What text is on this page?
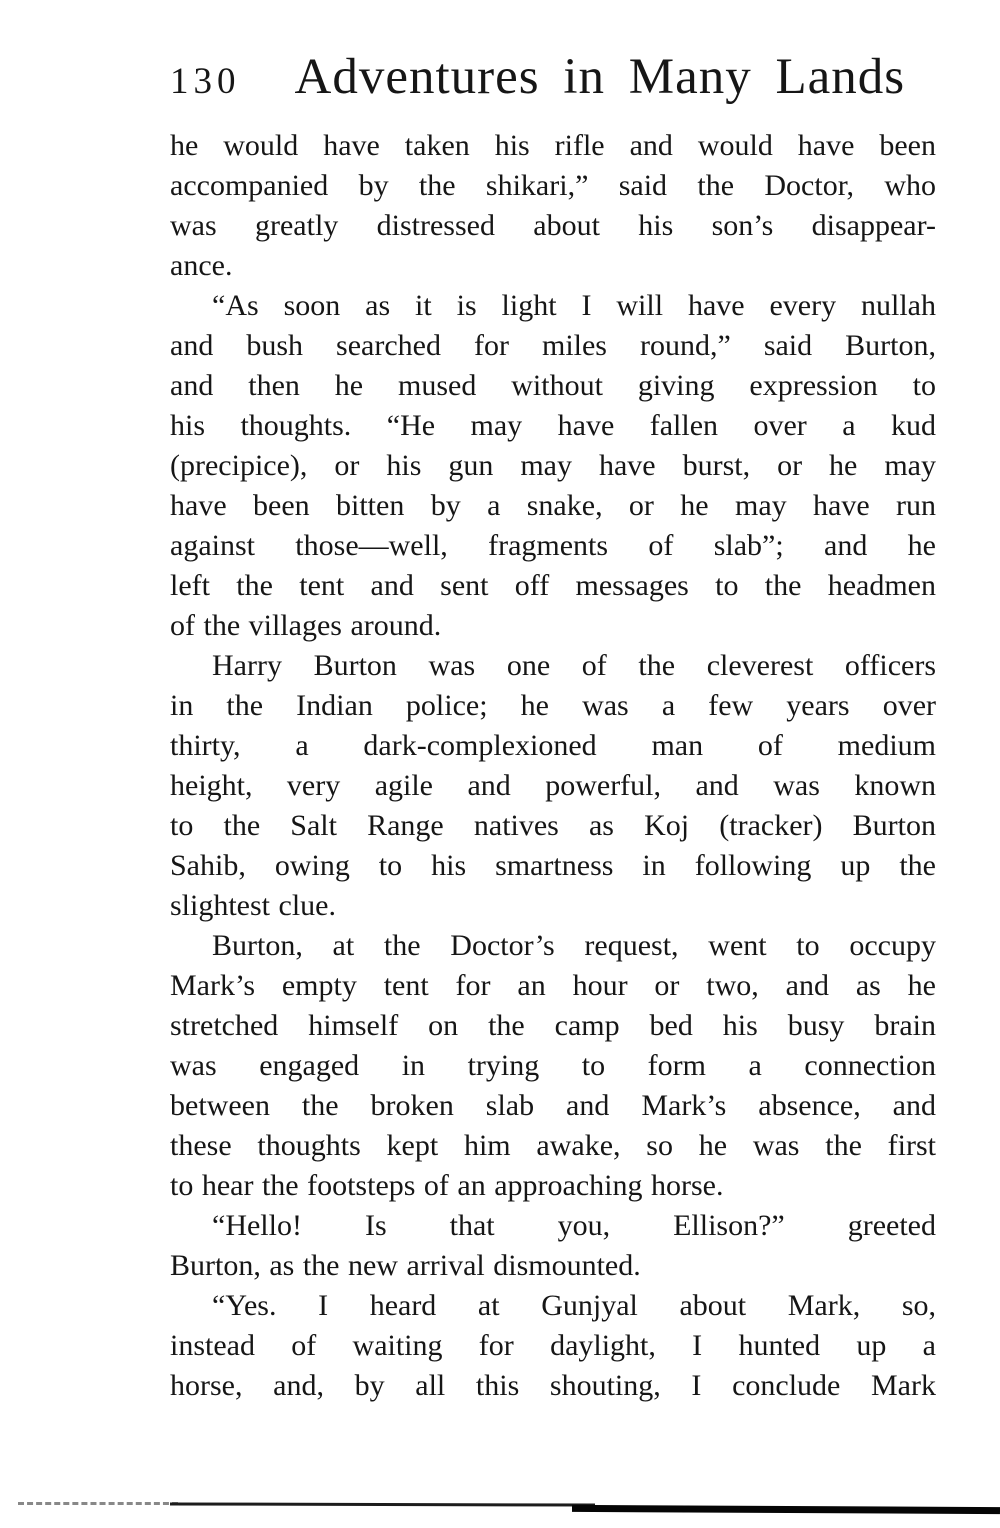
130 Adventures in Many Lands
he would have taken his rifle and would have been
accompanied by the shikari,” said the Doctor, who
was greatly distressed about his son’s disappear-
ance.
“As soon as it is light I will have every nullah
and bush searched for miles round,” said Burton,
and then he mused without giving expression to
his thoughts. “He may have fallen over a kud
(precipice), or his gun may have burst, or he may
have been bitten by a snake, or he may have run
against those—well, fragments of slab”; and he
left the tent and sent off messages to the headmen
of the villages around.
Harry Burton was one of the cleverest officers
in the Indian police; he was a few years over
thirty, a dark-complexioned man of medium
height, very agile and powerful, and was known
to the Salt Range natives as Koj (tracker) Burton
Sahib, owing to his smartness in following up the
slightest clue.
Burton, at the Doctor’s request, went to occupy
Mark’s empty tent for an hour or two, and as he
stretched himself on the camp bed his busy brain
was engaged in trying to form a connection
between the broken slab and Mark’s absence, and
these thoughts kept him awake, so he was the first
to hear the footsteps of an approaching horse.
“Hello! Is that you, Ellison?” greeted
Burton, as the new arrival dismounted.
“Yes. I heard at Gunjyal about Mark, so,
instead of waiting for daylight, I hunted up a
horse, and, by all this shouting, I conclude Mark
